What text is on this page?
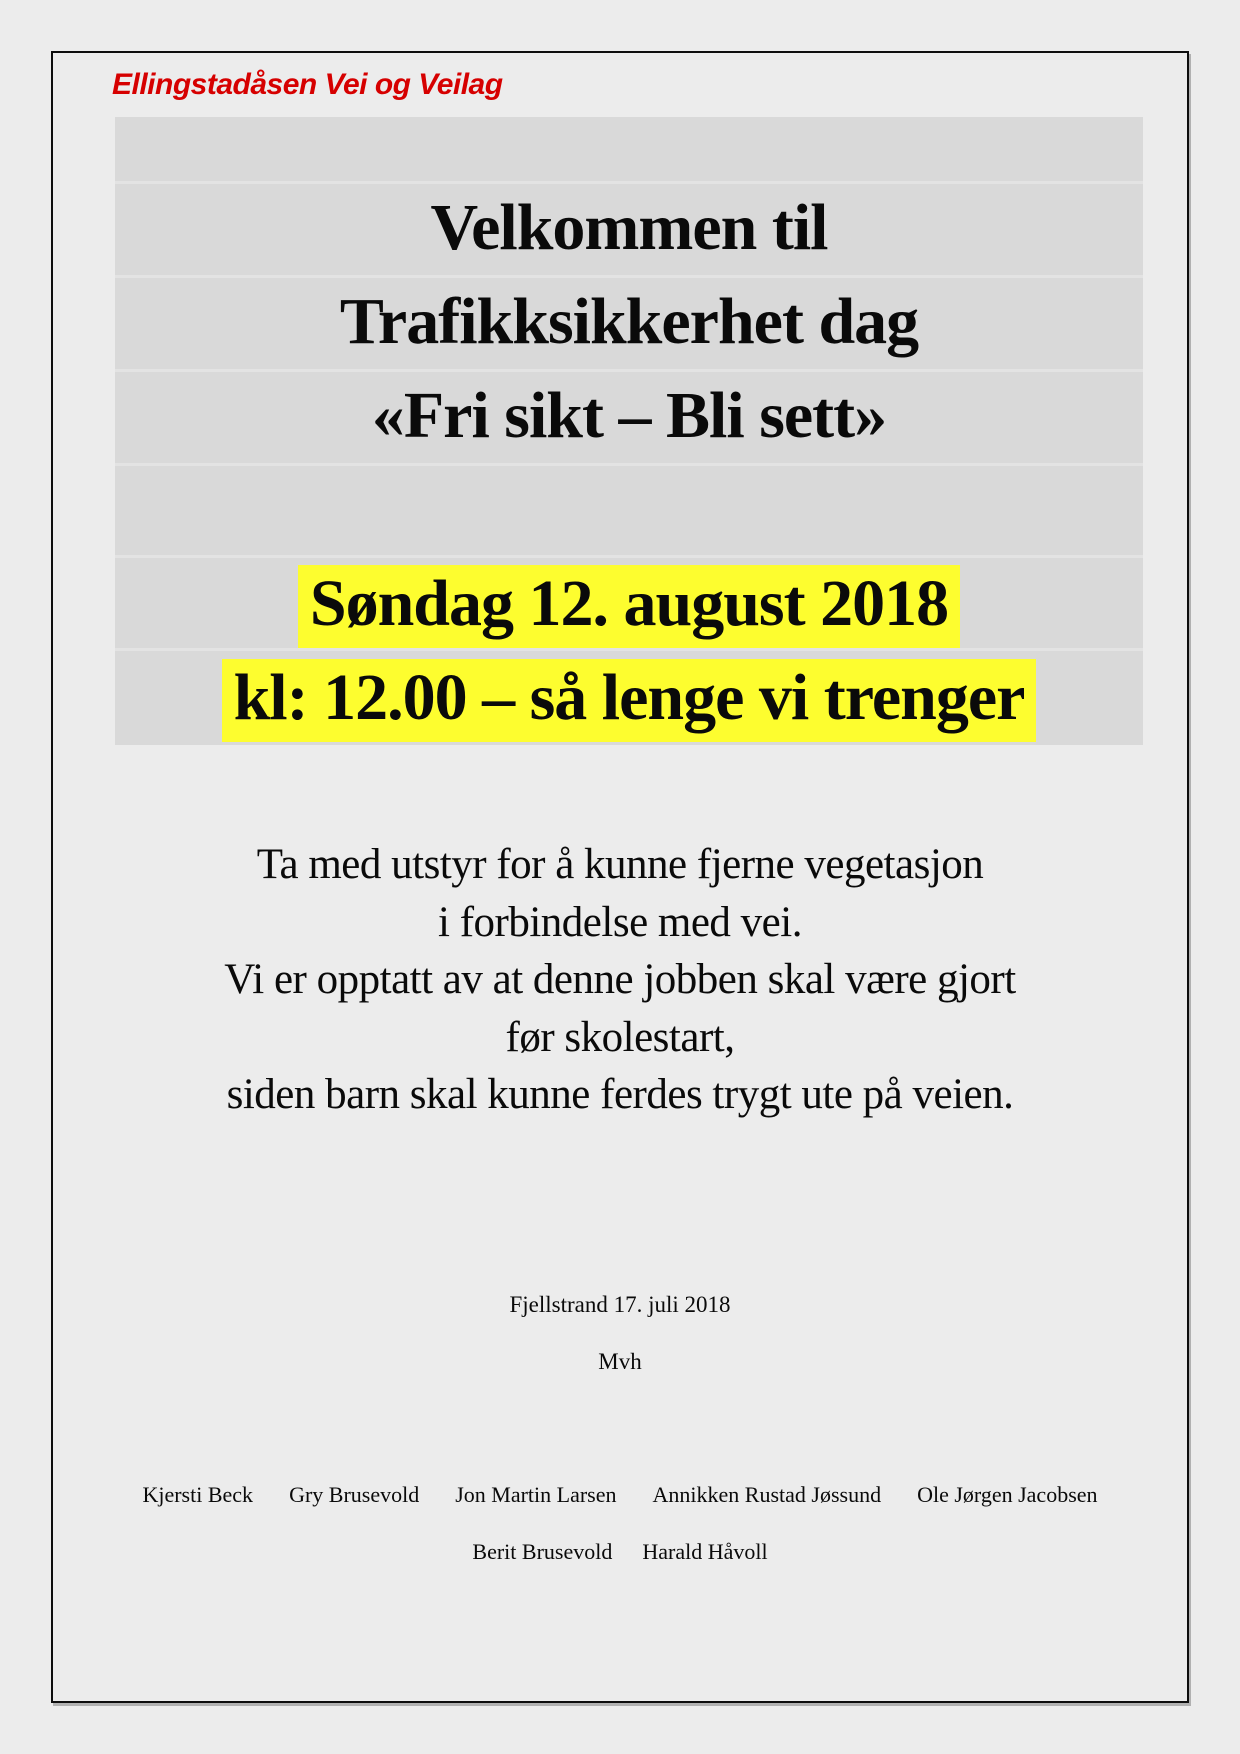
Ellingstadåsen Vei og Veilag
Velkommen til
Trafikksikkerhet dag
«Fri sikt – Bli sett»
Søndag 12. august 2018
kl: 12.00 – så lenge vi trenger
Ta med utstyr for å kunne fjerne vegetasjon
i forbindelse med vei.
Vi er opptatt av at denne jobben skal være gjort
før skolestart,
siden barn skal kunne ferdes trygt ute på veien.
Fjellstrand 17. juli 2018
Mvh
Kjersti Beck Gry Brusevold Jon Martin Larsen Annikken Rustad Jøssund Ole Jørgen Jacobsen
Berit Brusevold Harald Håvoll
